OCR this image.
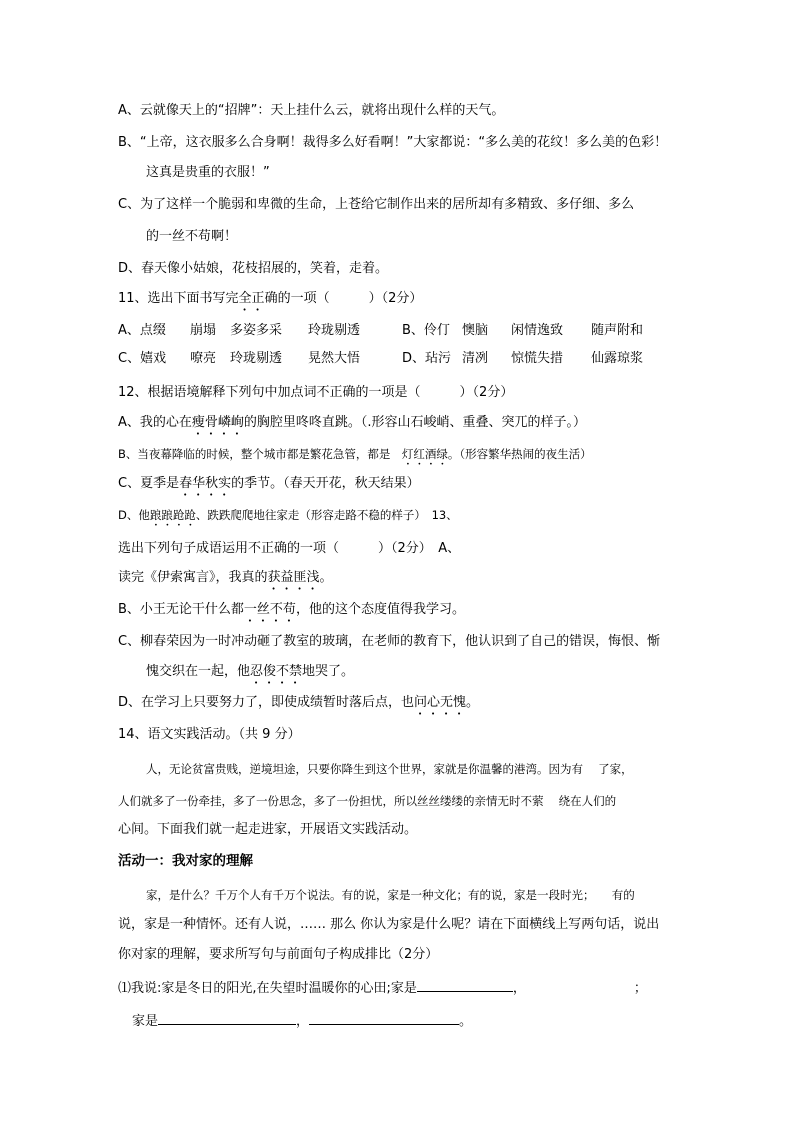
A、云就像天上的“招牌”：天上挂什么云，就将出现什么样的天气。
B、“上帝，这衣服多么合身啊！裁得多么好看啊！”大家都说：“多么美的花纹！多么美的色彩！
这真是贵重的衣服！”
C、为了这样一个脆弱和卑微的生命，上苍给它制作出来的居所却有多精致、多仔细、多么
的一丝不苟啊！
D、春天像小姑娘，花枝招展的，笑着，走着。
11、选出下面书写完全正确的一项（　　　）（2分）
A、点缀 崩塌 多姿多采 玲珑剔透	B、伶仃 懊脑 闲情逸致 随声附和
C、嬉戏 嘹亮 玲珑剔透 晃然大悟	D、玷污 清冽 惊慌失措 仙露琼浆
12、根据语境解释下列句中加点词不正确的一项是（　　　）（2分）
A、我的心在瘦骨嶙峋的胸腔里咚咚直跳。（.形容山石峻峭、重叠、突兀的样子。）
B、当夜幕降临的时候，整个城市都是繁花急管，都是　灯红酒绿。（形容繁华热闹的夜生活）
C、夏季是春华秋实的季节。（春天开花，秋天结果）
D、他踉踉跄跄、跌跌爬爬地往家走（形容走路不稳的样子）　13、
选出下列句子成语运用不正确的一项（　　　）（2分）　A、
读完《伊索寓言》，我真的获益匪浅。
B、小王无论干什么都一丝不苟，他的这个态度值得我学习。
C、柳春荣因为一时冲动砸了教室的玻璃，在老师的教育下，他认识到了自己的错误，悔恨、惭
愧交织在一起，他忍俊不禁地哭了。
D、在学习上只要努力了，即使成绩暂时落后点，也问心无愧。
14、语文实践活动。（共 9 分）
人，无论贫富贵贱，逆境坦途，只要你降生到这个世界，家就是你温馨的港湾。因为有　 了家，
人们就多了一份牵挂，多了一份思念，多了一份担忧，所以丝丝缕缕的亲情无时不萦　 绕在人们的
心间。下面我们就一起走进家，开展语文实践活动。
活动一：我对家的理解
家，是什么？千万个人有千万个说法。有的说，家是一种文化；有的说，家是一段时光；　　有的
说，家是一种情怀。还有人说，…… 那么 你认为家是什么呢？请在下面横线上写两句话，说出
你对家的理解，要求所写句与前面句子构成排比（2分）
⑴我说:家是冬日的阳光,在失望时温暖你的心田;家是	，	；
家是	，	。
